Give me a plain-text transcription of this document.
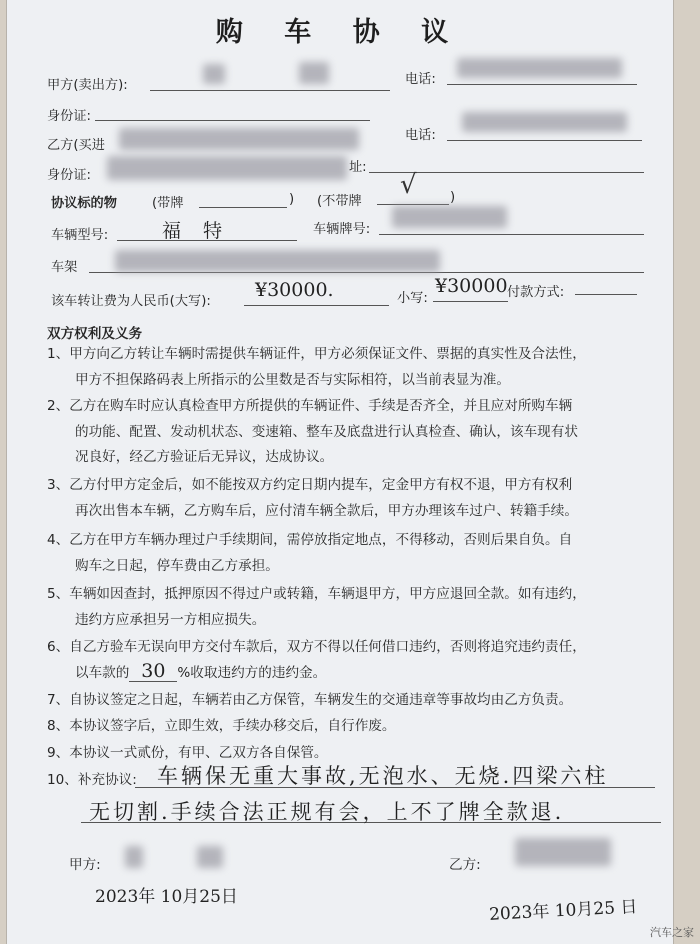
购 车 协 议
甲方(卖出方):	电话:
身份证:
乙方(买进
电话:
身份证:
址:
协议标的物	(带牌	) (不带牌
√	)
车辆型号:	福 特	车辆牌号:
车架
该车转让费为人民币(大写):
¥30000.	小写:
¥30000 付款方式:
双方权利及义务
1、甲方向乙方转让车辆时需提供车辆证件，甲方必须保证文件、票据的真实性及合法性，
甲方不担保路码表上所指示的公里数是否与实际相符，以当前表显为准。
2、乙方在购车时应认真检查甲方所提供的车辆证件、手续是否齐全，并且应对所购车辆
的功能、配置、发动机状态、变速箱、整车及底盘进行认真检查、确认，该车现有状
况良好，经乙方验证后无异议，达成协议。
3、乙方付甲方定金后，如不能按双方约定日期内提车，定金甲方有权不退，甲方有权利
再次出售本车辆，乙方购车后，应付清车辆全款后，甲方办理该车过户、转籍手续。
4、乙方在甲方车辆办理过户手续期间，需停放指定地点，不得移动，否则后果自负。自
购车之日起，停车费由乙方承担。
5、车辆如因查封，抵押原因不得过户或转籍，车辆退甲方，甲方应退回全款。如有违约，
违约方应承担另一方相应损失。
6、自乙方验车无误向甲方交付车款后，双方不得以任何借口违约，否则将追究违约责任，
以车款的 30 %收取违约方的违约金。
7、自协议签定之日起，车辆若由乙方保管，车辆发生的交通违章等事故均由乙方负责。
8、本协议签字后，立即生效，手续办移交后，自行作废。
9、本协议一式贰份，有甲、乙双方各自保管。
10、补充协议: 车辆保无重大事故,无泡水、无烧.四梁六柱
无切割.手续合法正规有会，上不了牌全款退.
甲方:	乙方:
2023年 10月25日
2023年 10月25 日
汽车之家
